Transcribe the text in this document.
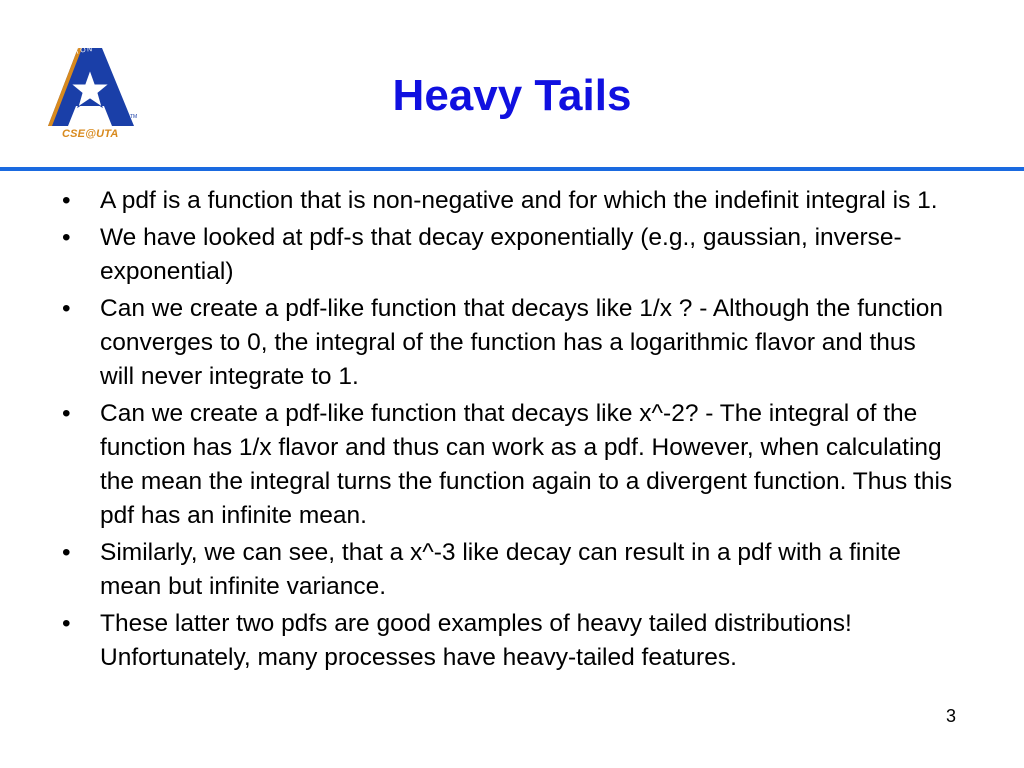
UT ARLINGTON
TM
CSE@UTA
Heavy Tails
• A pdf is a function that is non-negative and for which the indefinit integral is 1.
• We have looked at pdf-s that decay exponentially (e.g., gaussian, inverse-exponential)
• Can we create a pdf-like function that decays like 1/x ? - Although the function converges to 0, the integral of the function has a logarithmic flavor and thus will never integrate to 1.
• Can we create a pdf-like function that decays like x^-2? - The integral of the function has 1/x flavor and thus can work as a pdf. However, when calculating the mean the integral turns the function again to a divergent function. Thus this pdf has an infinite mean.
• Similarly, we can see, that a x^-3 like decay can result in a pdf with a finite mean but infinite variance.
• These latter two pdfs are good examples of heavy tailed distributions! Unfortunately, many processes have heavy-tailed features.
3
